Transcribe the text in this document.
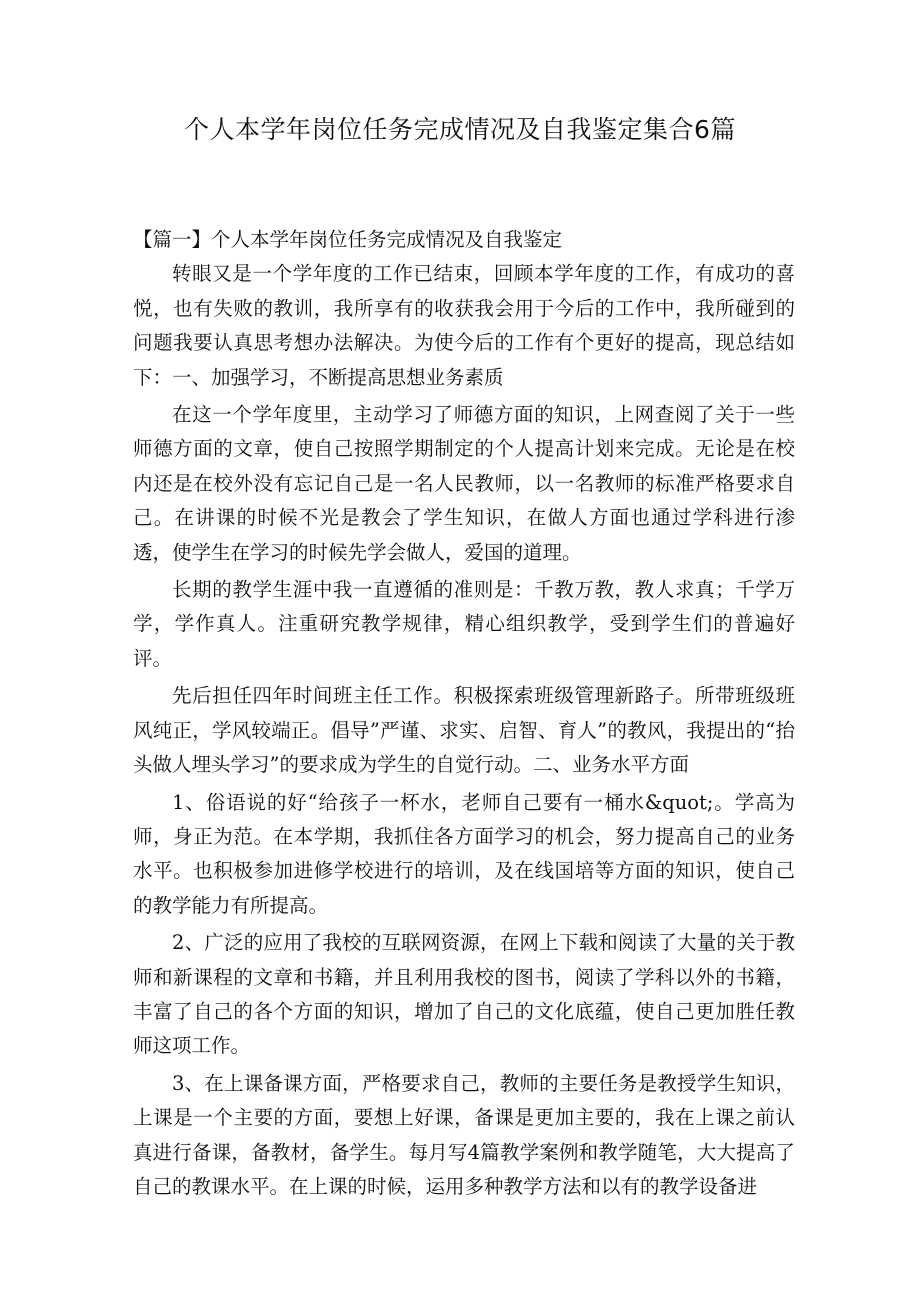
个人本学年岗位任务完成情况及自我鉴定集合6篇
【篇一】个人本学年岗位任务完成情况及自我鉴定

转眼又是一个学年度的工作已结束，回顾本学年度的工作，有成功的喜悦，也有失败的教训，我所享有的收获我会用于今后的工作中，我所碰到的问题我要认真思考想办法解决。为使今后的工作有个更好的提高，现总结如下：一、加强学习，不断提高思想业务素质

在这一个学年度里，主动学习了师德方面的知识，上网查阅了关于一些师德方面的文章，使自己按照学期制定的个人提高计划来完成。无论是在校内还是在校外没有忘记自己是一名人民教师，以一名教师的标准严格要求自己。在讲课的时候不光是教会了学生知识，在做人方面也通过学科进行渗透，使学生在学习的时候先学会做人，爱国的道理。

长期的教学生涯中我一直遵循的准则是：千教万教，教人求真；千学万学，学作真人。注重研究教学规律，精心组织教学，受到学生们的普遍好评。

先后担任四年时间班主任工作。积极探索班级管理新路子。所带班级班风纯正，学风较端正。倡导”严谨、求实、启智、育人”的教风，我提出的“抬头做人埋头学习”的要求成为学生的自觉行动。二、业务水平方面

1、俗语说的好“给孩子一杯水，老师自己要有一桶水&quot;。学高为师，身正为范。在本学期，我抓住各方面学习的机会，努力提高自己的业务水平。也积极参加进修学校进行的培训，及在线国培等方面的知识，使自己的教学能力有所提高。

2、广泛的应用了我校的互联网资源，在网上下载和阅读了大量的关于教师和新课程的文章和书籍，并且利用我校的图书，阅读了学科以外的书籍，丰富了自己的各个方面的知识，增加了自己的文化底蕴，使自己更加胜任教师这项工作。

3、在上课备课方面，严格要求自己，教师的主要任务是教授学生知识，上课是一个主要的方面，要想上好课，备课是更加主要的，我在上课之前认真进行备课，备教材，备学生。每月写4篇教学案例和教学随笔，大大提高了自己的教课水平。在上课的时候，运用多种教学方法和以有的教学设备进
